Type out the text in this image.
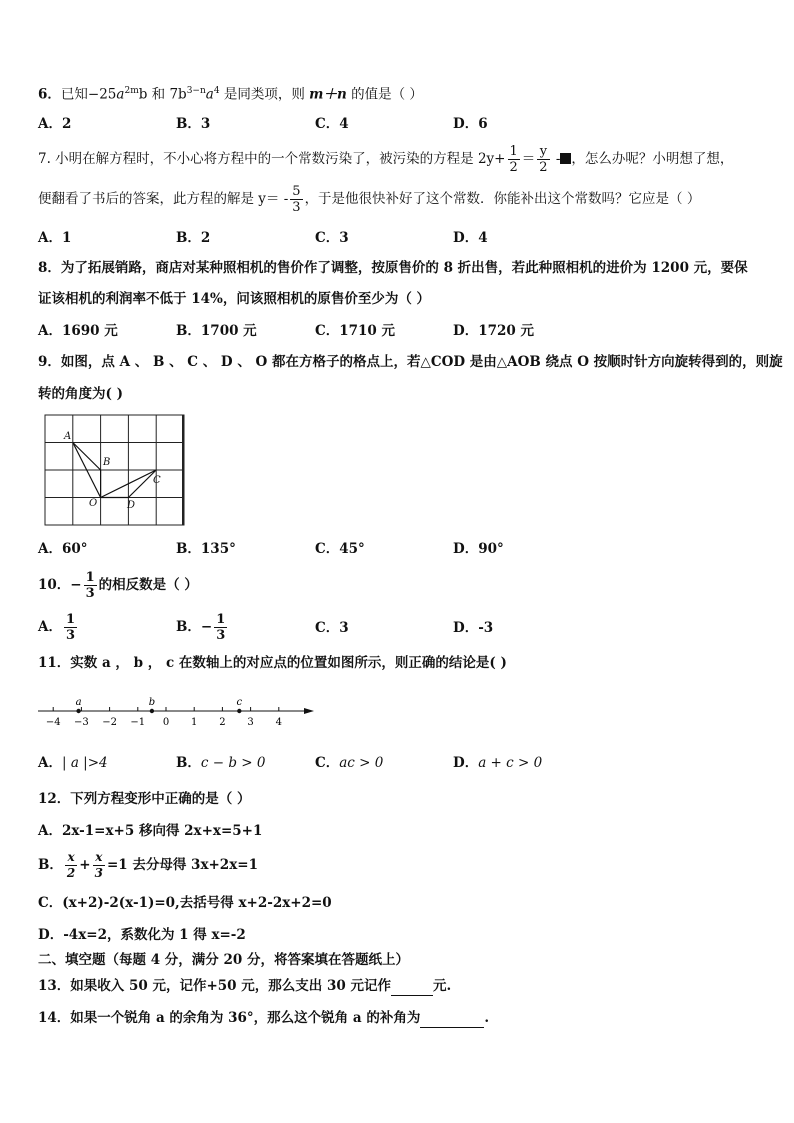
6．已知$-25a^{2m}b$ 和 $7b^{3-n}a^4$ 是同类项，则 m＋n 的值是（ ）
A．2	B．3	C．4	D．6
7. 小明在解方程时，不小心将方程中的一个常数污染了，被污染的方程是 $2y+ \frac{1}{2} = \frac{y}{2}$ - ，怎么办呢？小明想了想，
便翻看了书后的答案，此方程的解是 $y= - \frac{5}{3}$ ，于是他很快补好了这个常数．你能补出这个常数吗？它应是（ ）
A．1	B．2	C．3	D．4
8．为了拓展销路，商店对某种照相机的售价作了调整，按原售价的 8 折出售，若此种照相机的进价为 1200 元，要保
证该相机的利润率不低于 14%，问该照相机的原售价至少为（ ）
A．1690 元	B．1700 元	C．1710 元	D．1720 元
9．如图，点 A 、 B 、 C 、 D 、 O 都在方格子的格点上，若△COD 是由△AOB 绕点 O 按顺时针方向旋转得到的，则旋
转的角度为( )
A
B
C
O	D
A．60°	B．135°	C．45°	D．90°
10．− $\frac{1}{3}$ 的相反数是（ ）
A． $\frac{1}{3}$	B．− $\frac{1}{3}$	C．3	D．-3
11．实数 a ， b ， c 在数轴上的对应点的位置如图所示，则正确的结论是( )
−4 −3 −2 −1 0 1 2 3 4
a	b	c
A．| a |>4	B．c − b > 0	C．ac > 0	D．a + c > 0
12．下列方程变形中正确的是（ ）
A．2x-1=x+5 移向得 2x+x=5+1
B． $\frac{x}{2} + \frac{x}{3} =1$ 去分母得 3x+2x=1
C．(x+2)-2(x-1)=0,去括号得 x+2-2x+2=0
D．-4x=2，系数化为 1 得 x=-2
二、填空题（每题 4 分，满分 20 分，将答案填在答题纸上）
13．如果收入 50 元，记作+50 元，那么支出 30 元记作	元.
14．如果一个锐角 a 的余角为 36°，那么这个锐角 a 的补角为	.
